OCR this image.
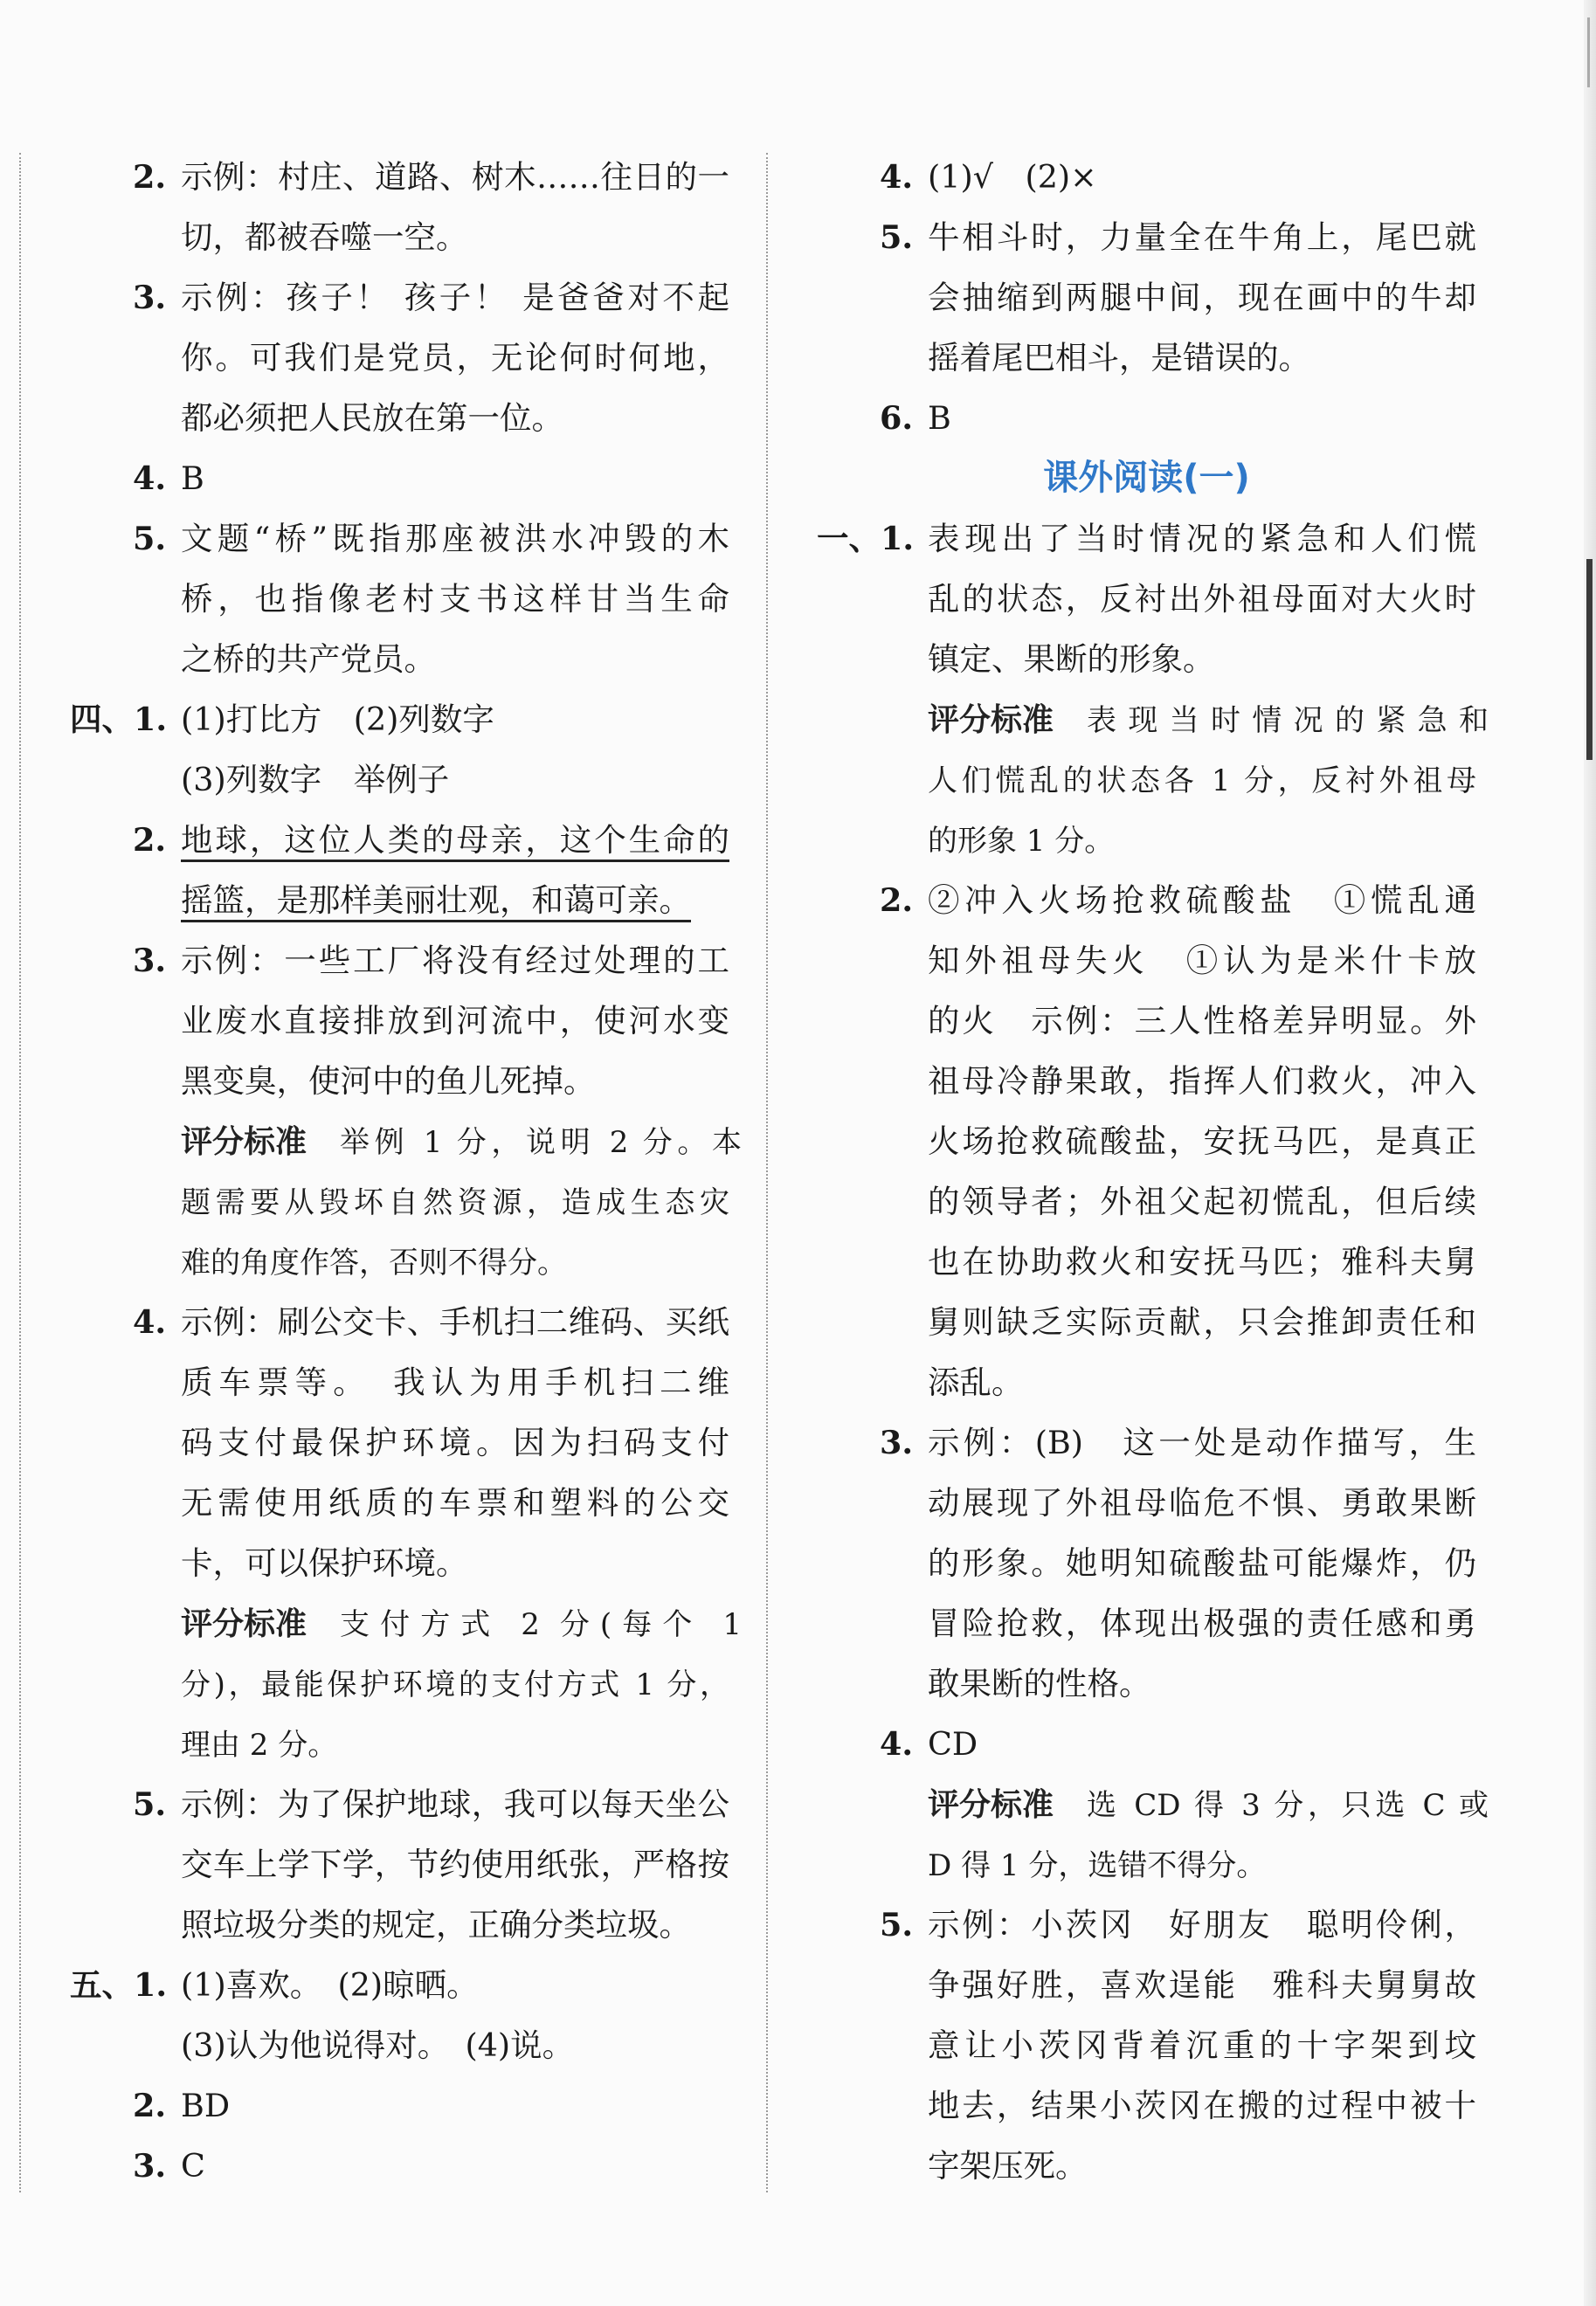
2. 示例：村庄、道路、树木……往日的一
切，都被吞噬一空。
3. 示例：孩子！ 孩子！ 是爸爸对不起
你。可我们是党员，无论何时何地，
都必须把人民放在第一位。
4. B
5. 文题“桥”既指那座被洪水冲毁的木
桥，也指像老村支书这样甘当生命
之桥的共产党员。
四、1. (1)打比方　(2)列数字
(3)列数字　举例子
2. 地球，这位人类的母亲，这个生命的
摇篮，是那样美丽壮观，和蔼可亲。
3. 示例：一些工厂将没有经过处理的工
业废水直接排放到河流中，使河水变
黑变臭，使河中的鱼儿死掉。
评分标准 举例 1 分，说明 2 分。本
题需要从毁坏自然资源，造成生态灾
难的角度作答，否则不得分。
4. 示例：刷公交卡、手机扫二维码、买纸
质车票等。　我认为用手机扫二维
码支付最保护环境。因为扫码支付
无需使用纸质的车票和塑料的公交
卡，可以保护环境。
评分标准 支付方式 2 分(每个 1
分)，最能保护环境的支付方式 1 分，
理由 2 分。
5. 示例：为了保护地球，我可以每天坐公
交车上学下学，节约使用纸张，严格按
照垃圾分类的规定，正确分类垃圾。
五、1. (1)喜欢。　(2)晾晒。
(3)认为他说得对。　(4)说。
2. BD
3. C
4. (1)√　(2)×
5. 牛相斗时，力量全在牛角上，尾巴就
会抽缩到两腿中间，现在画中的牛却
摇着尾巴相斗，是错误的。
6. B
课外阅读(一)
一、1. 表现出了当时情况的紧急和人们慌
乱的状态，反衬出外祖母面对大火时
镇定、果断的形象。
评分标准 表现当时情况的紧急和
人们慌乱的状态各 1 分，反衬外祖母
的形象 1 分。
2. ②冲入火场抢救硫酸盐　①慌乱通
知外祖母失火　①认为是米什卡放
的火　示例：三人性格差异明显。外
祖母冷静果敢，指挥人们救火，冲入
火场抢救硫酸盐，安抚马匹，是真正
的领导者；外祖父起初慌乱，但后续
也在协助救火和安抚马匹；雅科夫舅
舅则缺乏实际贡献，只会推卸责任和
添乱。
3. 示例：(B)　这一处是动作描写，生
动展现了外祖母临危不惧、勇敢果断
的形象。她明知硫酸盐可能爆炸，仍
冒险抢救，体现出极强的责任感和勇
敢果断的性格。
4. CD
评分标准 选 CD 得 3 分，只选 C 或
D 得 1 分，选错不得分。
5. 示例：小茨冈　好朋友　聪明伶俐，
争强好胜，喜欢逞能　雅科夫舅舅故
意让小茨冈背着沉重的十字架到坟
地去，结果小茨冈在搬的过程中被十
字架压死。
